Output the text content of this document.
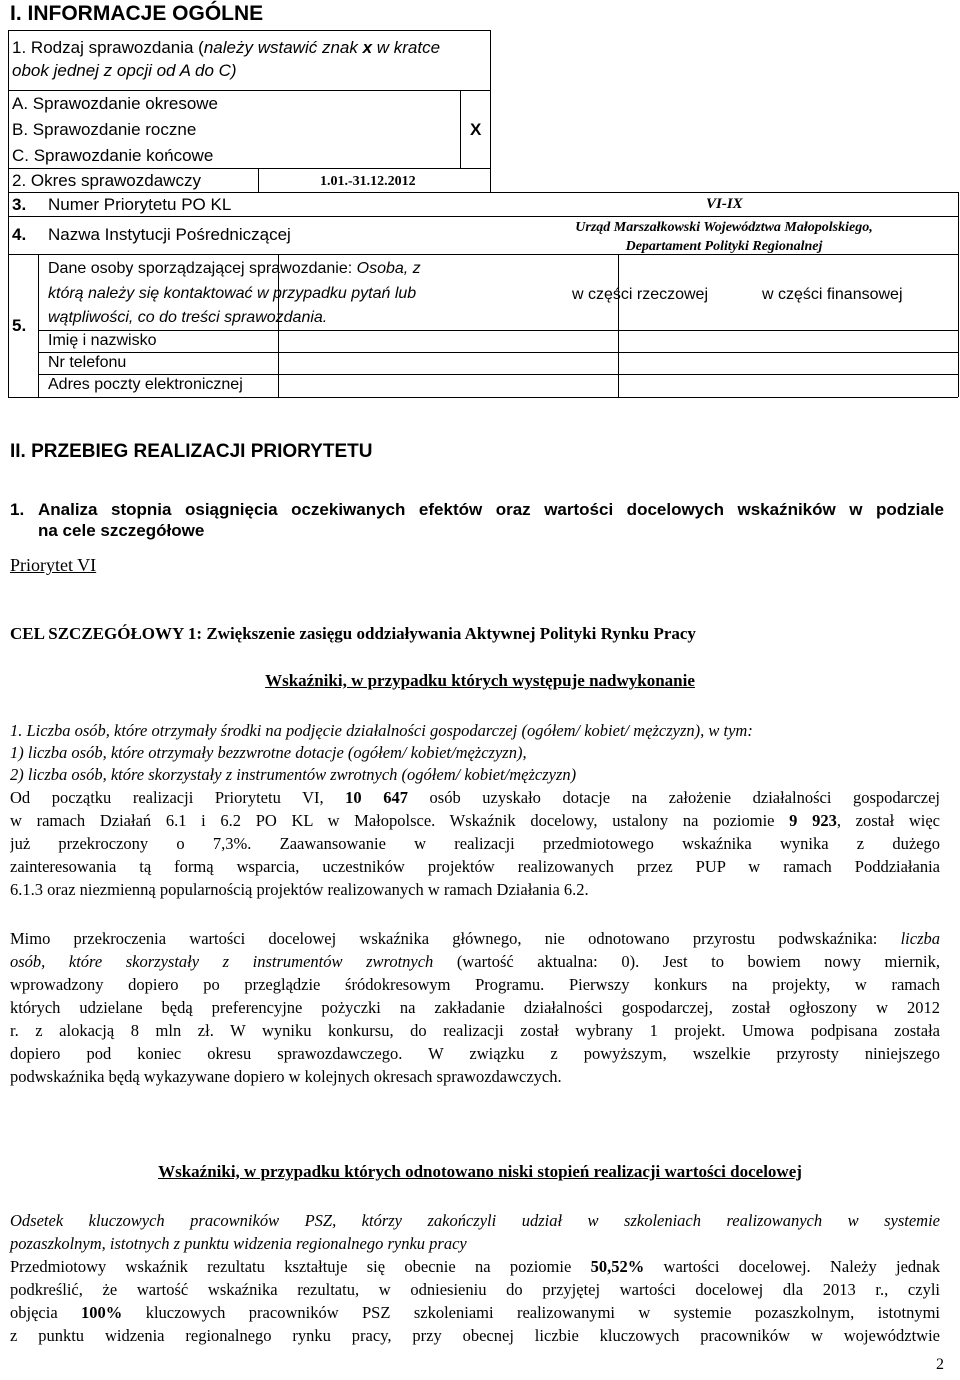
I. INFORMACJE OGÓLNE
1. Rodzaj sprawozdania (należy wstawić znak x w kratce
obok jednej z opcji od A do C)
A. Sprawozdanie okresowe
B. Sprawozdanie roczne	X
C. Sprawozdanie końcowe
2. Okres sprawozdawczy	1.01.-31.12.2012
3. Numer Priorytetu PO KL	VI-IX
4. Nazwa Instytucji Pośredniczącej	Urząd Marszałkowski Województwa Małopolskiego,
Departament Polityki Regionalnej
5.
Dane osoby sporządzającej sprawozdanie: Osoba, z
którą należy się kontaktować w przypadku pytań lub
wątpliwości, co do treści sprawozdania.
w części rzeczowej	w części finansowej
Imię i nazwisko
Nr telefonu
Adres poczty elektronicznej
II. PRZEBIEG REALIZACJI PRIORYTETU
1. Analiza stopnia osiągnięcia oczekiwanych efektów oraz wartości docelowych wskaźników w podziale
na cele szczegółowe
Priorytet VI
CEL SZCZEGÓŁOWY 1: Zwiększenie zasięgu oddziaływania Aktywnej Polityki Rynku Pracy
Wskaźniki, w przypadku których występuje nadwykonanie
1. Liczba osób, które otrzymały środki na podjęcie działalności gospodarczej (ogółem/ kobiet/ mężczyzn), w tym:
1) liczba osób, które otrzymały bezzwrotne dotacje (ogółem/ kobiet/mężczyzn),
2) liczba osób, które skorzystały z instrumentów zwrotnych (ogółem/ kobiet/mężczyzn)
Od początku realizacji Priorytetu VI, 10 647 osób uzyskało dotacje na założenie działalności gospodarczej
w ramach Działań 6.1 i 6.2 PO KL w Małopolsce. Wskaźnik docelowy, ustalony na poziomie 9 923, został więc
już przekroczony o 7,3%. Zaawansowanie w realizacji przedmiotowego wskaźnika wynika z dużego
zainteresowania tą formą wsparcia, uczestników projektów realizowanych przez PUP w ramach Poddziałania
6.1.3 oraz niezmienną popularnością projektów realizowanych w ramach Działania 6.2.
Mimo przekroczenia wartości docelowej wskaźnika głównego, nie odnotowano przyrostu podwskaźnika: liczba
osób, które skorzystały z instrumentów zwrotnych (wartość aktualna: 0). Jest to bowiem nowy miernik,
wprowadzony dopiero po przeglądzie śródokresowym Programu. Pierwszy konkurs na projekty, w ramach
których udzielane będą preferencyjne pożyczki na zakładanie działalności gospodarczej, został ogłoszony w 2012
r. z alokacją 8 mln zł. W wyniku konkursu, do realizacji został wybrany 1 projekt. Umowa podpisana została
dopiero pod koniec okresu sprawozdawczego. W związku z powyższym, wszelkie przyrosty niniejszego
podwskaźnika będą wykazywane dopiero w kolejnych okresach sprawozdawczych.
Wskaźniki, w przypadku których odnotowano niski stopień realizacji wartości docelowej
Odsetek kluczowych pracowników PSZ, którzy zakończyli udział w szkoleniach realizowanych w systemie
pozaszkolnym, istotnych z punktu widzenia regionalnego rynku pracy
Przedmiotowy wskaźnik rezultatu kształtuje się obecnie na poziomie 50,52% wartości docelowej. Należy jednak
podkreślić, że wartość wskaźnika rezultatu, w odniesieniu do przyjętej wartości docelowej dla 2013 r., czyli
objęcia 100% kluczowych pracowników PSZ szkoleniami realizowanymi w systemie pozaszkolnym, istotnymi
z punktu widzenia regionalnego rynku pracy, przy obecnej liczbie kluczowych pracowników w województwie
2
